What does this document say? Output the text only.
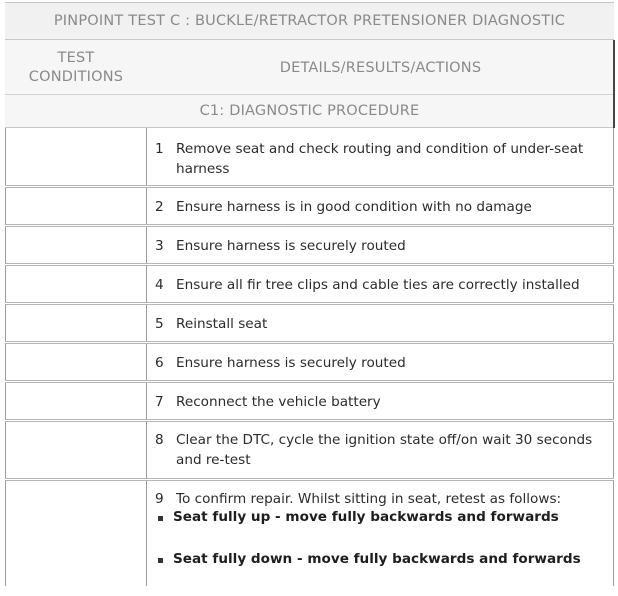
PINPOINT TEST C : BUCKLE/RETRACTOR PRETENSIONER DIAGNOSTIC
TEST
CONDITIONS
DETAILS/RESULTS/ACTIONS
C1: DIAGNOSTIC PROCEDURE
1 Remove seat and check routing and condition of under-seat harness
2 Ensure harness is in good condition with no damage
3 Ensure harness is securely routed
4 Ensure all fir tree clips and cable ties are correctly installed
5 Reinstall seat
6 Ensure harness is securely routed
7 Reconnect the vehicle battery
8 Clear the DTC, cycle the ignition state off/on wait 30 seconds and re-test
9 To confirm repair. Whilst sitting in seat, retest as follows:
Seat fully up - move fully backwards and forwards
Seat fully down - move fully backwards and forwards
